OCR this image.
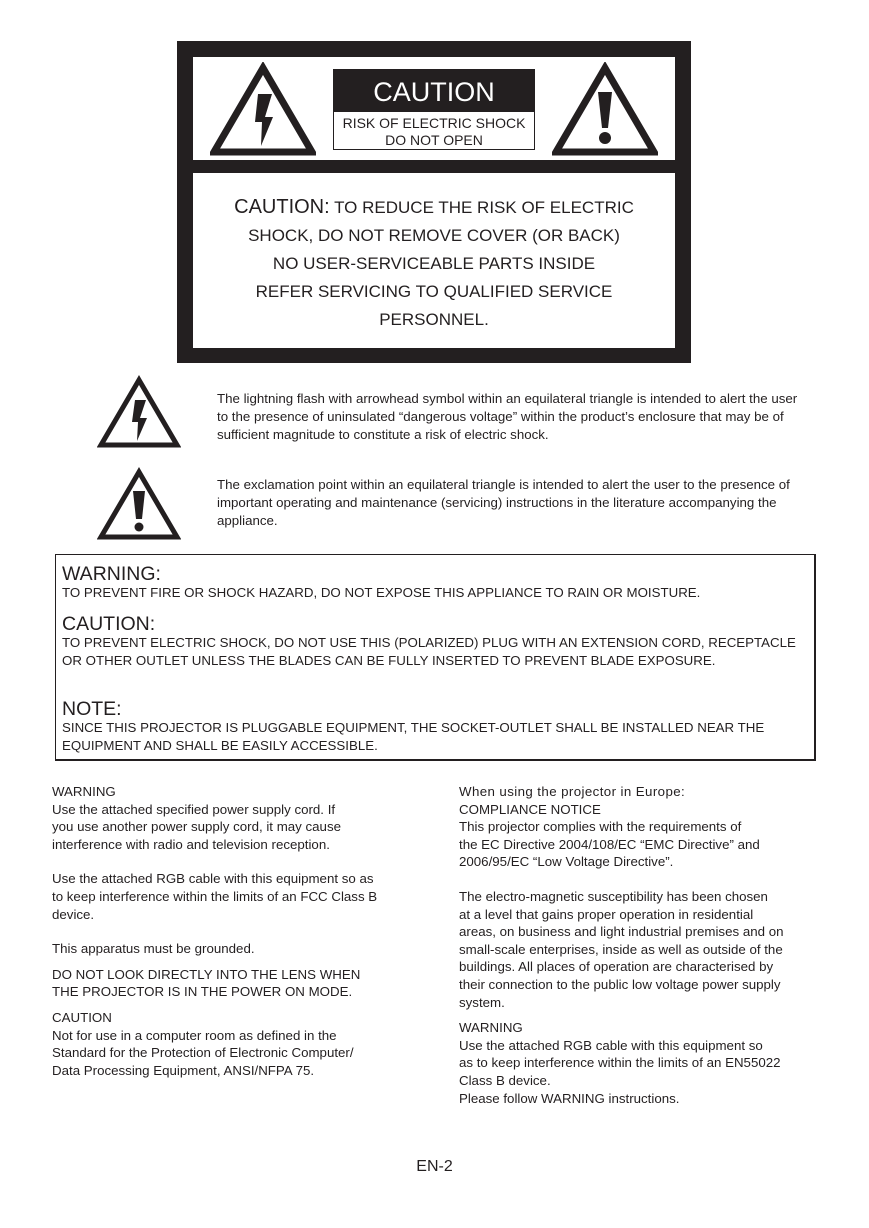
CAUTION
RISK OF ELECTRIC SHOCK
DO NOT OPEN
CAUTION: TO REDUCE THE RISK OF ELECTRIC
SHOCK, DO NOT REMOVE COVER (OR BACK)
NO USER-SERVICEABLE PARTS INSIDE
REFER SERVICING TO QUALIFIED SERVICE
PERSONNEL.
The lightning flash with arrowhead symbol within an equilateral triangle is intended to alert the user to the presence of uninsulated “dangerous voltage” within the product’s enclosure that may be of sufficient magnitude to constitute a risk of electric shock.
The exclamation point within an equilateral triangle is intended to alert the user to the presence of important operating and maintenance (servicing) instructions in the literature accompanying the appliance.
WARNING:
TO PREVENT FIRE OR SHOCK HAZARD, DO NOT EXPOSE THIS APPLIANCE TO RAIN OR MOISTURE.
CAUTION:
TO PREVENT ELECTRIC SHOCK, DO NOT USE THIS (POLARIZED) PLUG WITH AN EXTENSION CORD, RECEPTACLE OR OTHER OUTLET UNLESS THE BLADES CAN BE FULLY INSERTED TO PREVENT BLADE EXPOSURE.
NOTE:
SINCE THIS PROJECTOR IS PLUGGABLE EQUIPMENT, THE SOCKET-OUTLET SHALL BE INSTALLED NEAR THE EQUIPMENT AND SHALL BE EASILY ACCESSIBLE.

WARNING

Use the attached specified power supply cord. If

you use another power supply cord, it may cause

interference with radio and television reception.

Use the attached RGB cable with this equipment so as

to keep interference within the limits of an FCC Class B

device.

This apparatus must be grounded.

DO NOT LOOK DIRECTLY INTO THE LENS WHEN

THE PROJECTOR IS IN THE POWER ON MODE.

CAUTION

Not for use in a computer room as defined in the

Standard for the Protection of Electronic Computer/

Data Processing Equipment, ANSI/NFPA 75.

When using the projector in Europe:

COMPLIANCE NOTICE

This projector complies with the requirements of

the EC Directive 2004/108/EC “EMC Directive” and

2006/95/EC “Low Voltage Directive”.

The electro-magnetic susceptibility has been chosen

at a level that gains proper operation in residential

areas, on business and light industrial premises and on

small-scale enterprises, inside as well as outside of the

buildings. All places of operation are characterised by

their connection to the public low voltage power supply

system.

WARNING

Use the attached RGB cable with this equipment so

as to keep interference within the limits of an EN55022

Class B device.

Please follow WARNING instructions.

EN-2
